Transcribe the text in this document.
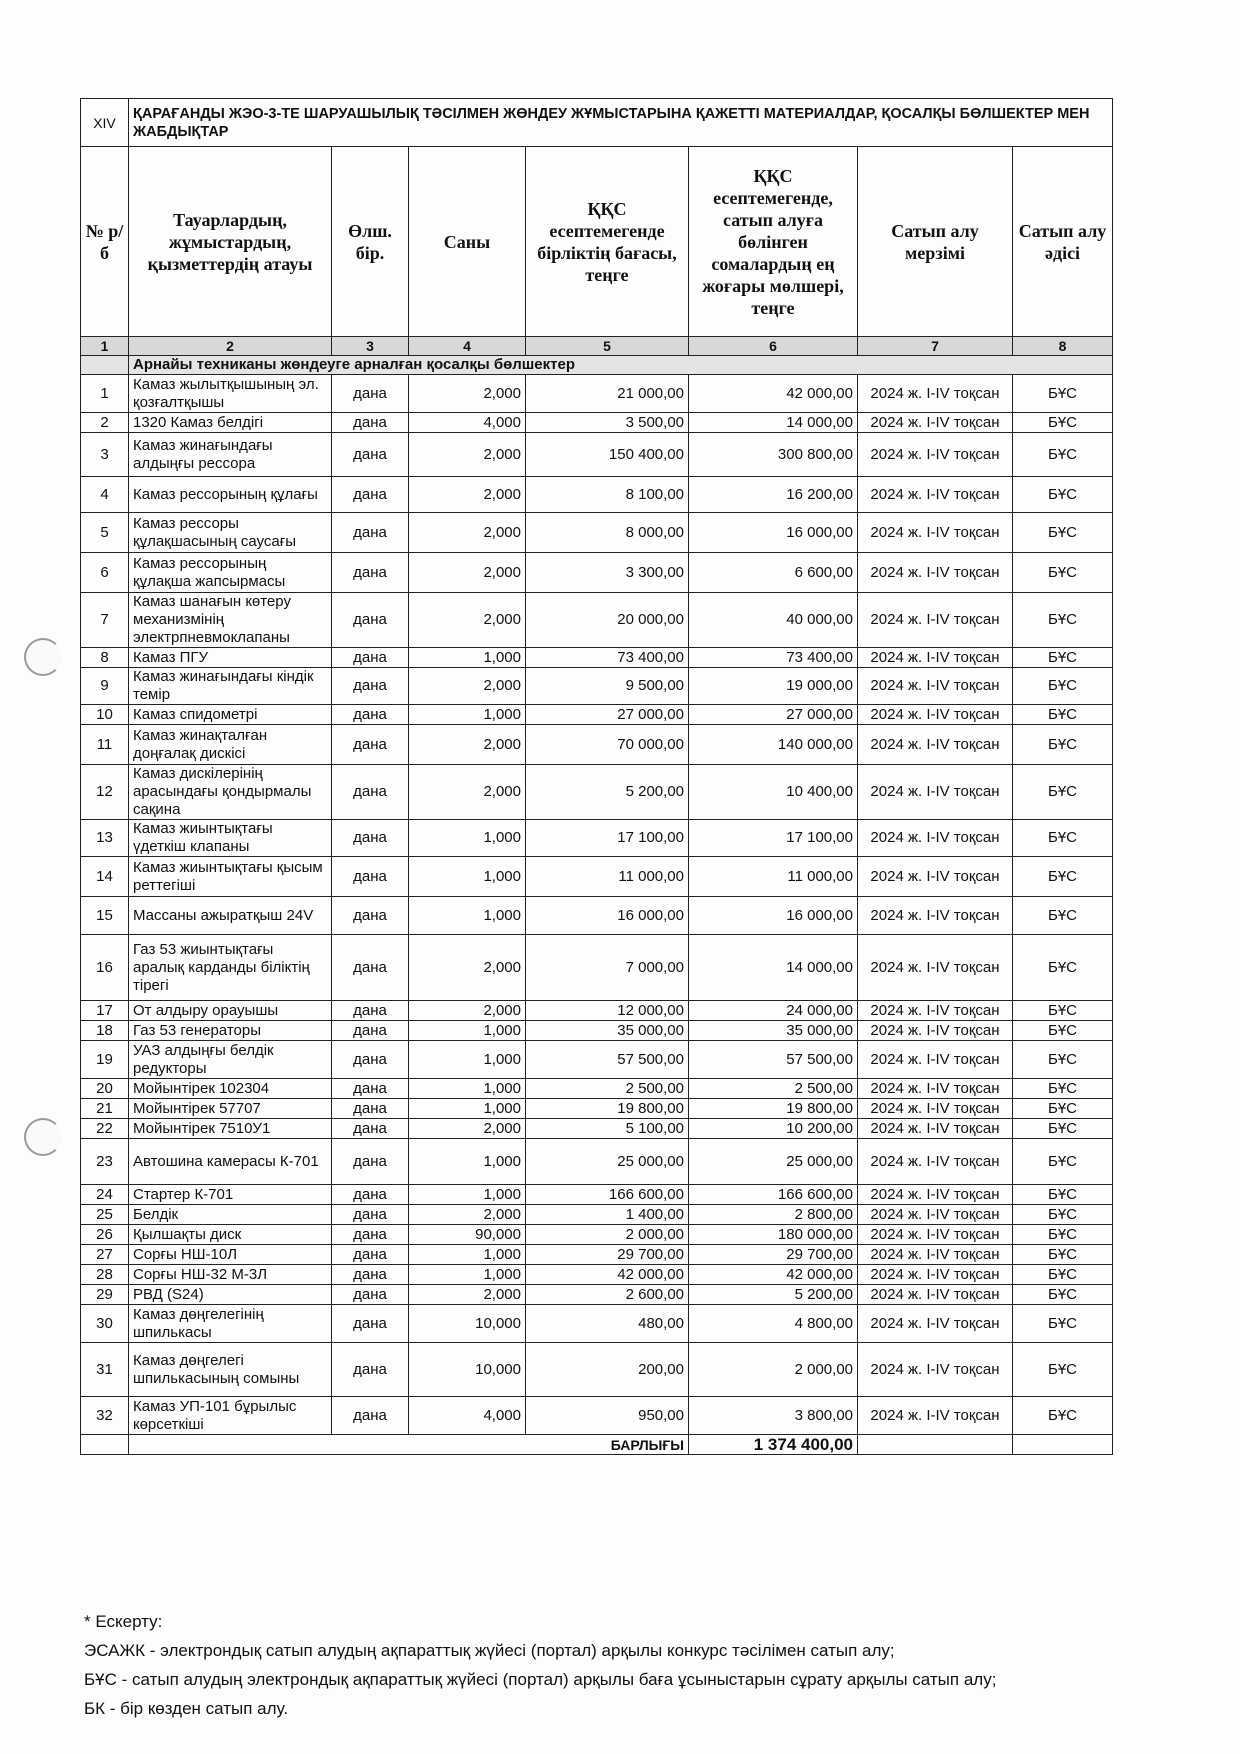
XIV	ҚАРАҒАНДЫ ЖЭО-3-ТЕ ШАРУАШЫЛЫҚ ТӘСІЛМЕН ЖӨНДЕУ ЖҰМЫСТАРЫНА ҚАЖЕТТІ МАТЕРИАЛДАР, ҚОСАЛҚЫ БӨЛШЕКТЕР МЕН ЖАБДЫҚТАР						
№ р/б	Тауарлардың, жұмыстардың, қызметтердің атауы	Өлш. бір.	Саны	ҚҚС есептемегенде бірліктің бағасы, теңге	ҚҚС есептемегенде, сатып алуға бөлінген сомалардың ең жоғары мөлшері, теңге	Сатып алу мерзімі	Сатып алу әдісі
1	2	3	4	5	6	7	8
	Арнайы техниканы жөндеуге арналған қосалқы бөлшектер						
1	Камаз жылытқышының эл. қозғалтқышы	дана	2,000	21 000,00	42 000,00	2024 ж. I-IV тоқсан	БҰС
2	1320 Камаз белдігі	дана	4,000	3 500,00	14 000,00	2024 ж. I-IV тоқсан	БҰС
3	Камаз жинағындағы алдыңғы рессора	дана	2,000	150 400,00	300 800,00	2024 ж. I-IV тоқсан	БҰС
4	Камаз рессорының құлағы	дана	2,000	8 100,00	16 200,00	2024 ж. I-IV тоқсан	БҰС
5	Камаз рессоры құлақшасының саусағы	дана	2,000	8 000,00	16 000,00	2024 ж. I-IV тоқсан	БҰС
6	Камаз рессорының құлақша жапсырмасы	дана	2,000	3 300,00	6 600,00	2024 ж. I-IV тоқсан	БҰС
7	Камаз шанағын көтеру механизмінің электрпневмоклапаны	дана	2,000	20 000,00	40 000,00	2024 ж. I-IV тоқсан	БҰС
8	Камаз ПГУ	дана	1,000	73 400,00	73 400,00	2024 ж. I-IV тоқсан	БҰС
9	Камаз жинағындағы кіндік темір	дана	2,000	9 500,00	19 000,00	2024 ж. I-IV тоқсан	БҰС
10	Камаз спидометрі	дана	1,000	27 000,00	27 000,00	2024 ж. I-IV тоқсан	БҰС
11	Камаз жинақталған доңғалақ дискісі	дана	2,000	70 000,00	140 000,00	2024 ж. I-IV тоқсан	БҰС
12	Камаз дискілерінің арасындағы қондырмалы сақина	дана	2,000	5 200,00	10 400,00	2024 ж. I-IV тоқсан	БҰС
13	Камаз жиынтықтағы үдеткіш клапаны	дана	1,000	17 100,00	17 100,00	2024 ж. I-IV тоқсан	БҰС
14	Камаз жиынтықтағы қысым реттегіші	дана	1,000	11 000,00	11 000,00	2024 ж. I-IV тоқсан	БҰС
15	Массаны ажыратқыш 24V	дана	1,000	16 000,00	16 000,00	2024 ж. I-IV тоқсан	БҰС
16	Газ 53 жиынтықтағы аралық карданды біліктің тірегі	дана	2,000	7 000,00	14 000,00	2024 ж. I-IV тоқсан	БҰС
17	От алдыру орауышы	дана	2,000	12 000,00	24 000,00	2024 ж. I-IV тоқсан	БҰС
18	Газ 53 генераторы	дана	1,000	35 000,00	35 000,00	2024 ж. I-IV тоқсан	БҰС
19	УАЗ алдыңғы белдік редукторы	дана	1,000	57 500,00	57 500,00	2024 ж. I-IV тоқсан	БҰС
20	Мойынтірек 102304	дана	1,000	2 500,00	2 500,00	2024 ж. I-IV тоқсан	БҰС
21	Мойынтірек 57707	дана	1,000	19 800,00	19 800,00	2024 ж. I-IV тоқсан	БҰС
22	Мойынтірек 7510У1	дана	2,000	5 100,00	10 200,00	2024 ж. I-IV тоқсан	БҰС
23	Автошина камерасы К-701	дана	1,000	25 000,00	25 000,00	2024 ж. I-IV тоқсан	БҰС
24	Стартер К-701	дана	1,000	166 600,00	166 600,00	2024 ж. I-IV тоқсан	БҰС
25	Белдік	дана	2,000	1 400,00	2 800,00	2024 ж. I-IV тоқсан	БҰС
26	Қылшақты диск	дана	90,000	2 000,00	180 000,00	2024 ж. I-IV тоқсан	БҰС
27	Сорғы НШ-10Л	дана	1,000	29 700,00	29 700,00	2024 ж. I-IV тоқсан	БҰС
28	Сорғы НШ-32 М-3Л	дана	1,000	42 000,00	42 000,00	2024 ж. I-IV тоқсан	БҰС
29	РВД (S24)	дана	2,000	2 600,00	5 200,00	2024 ж. I-IV тоқсан	БҰС
30	Камаз дөңгелегінің шпилькасы	дана	10,000	480,00	4 800,00	2024 ж. I-IV тоқсан	БҰС
31	Камаз дөңгелегі шпилькасының сомыны	дана	10,000	200,00	2 000,00	2024 ж. I-IV тоқсан	БҰС
32	Камаз УП-101 бұрылыс көрсеткіші	дана	4,000	950,00	3 800,00	2024 ж. I-IV тоқсан	БҰС
	БАРЛЫҒЫ				1 374 400,00		
* Ескерту:
ЭСАЖК - электрондық сатып алудың ақпараттық жүйесі (портал) арқылы конкурс тәсілімен сатып алу;
БҰС - сатып алудың электрондық ақпараттық жүйесі (портал) арқылы баға ұсыныстарын сұрату арқылы сатып алу;
БК - бір көзден сатып алу.
